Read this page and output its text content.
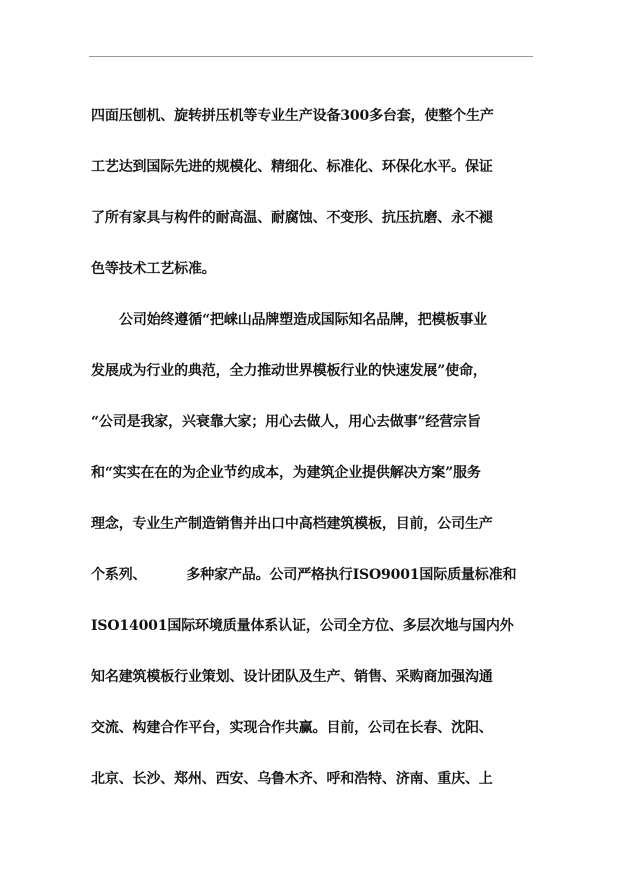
四面压刨机、旋转拼压机等专业生产设备300多台套，使整个生产
工艺达到国际先进的规模化、精细化、标准化、环保化水平。保证
了所有家具与构件的耐高温、耐腐蚀、不变形、抗压抗磨、永不褪
色等技术工艺标准。
公司始终遵循“把崃山品牌塑造成国际知名品牌，把模板事业
发展成为行业的典范，全力推动世界模板行业的快速发展”使命，
“公司是我家，兴衰靠大家；用心去做人，用心去做事”经营宗旨
和“实实在在的为企业节约成本，为建筑企业提供解决方案”服务
理念，专业生产制造销售并出口中高档建筑模板，目前，公司生产
个系列、	多种家产品。公司严格执行ISO9001国际质量标准和
ISO14001国际环境质量体系认证，公司全方位、多层次地与国内外
知名建筑模板行业策划、设计团队及生产、销售、采购商加强沟通
交流、构建合作平台，实现合作共赢。目前，公司在长春、沈阳、
北京、长沙、郑州、西安、乌鲁木齐、呼和浩特、济南、重庆、上
